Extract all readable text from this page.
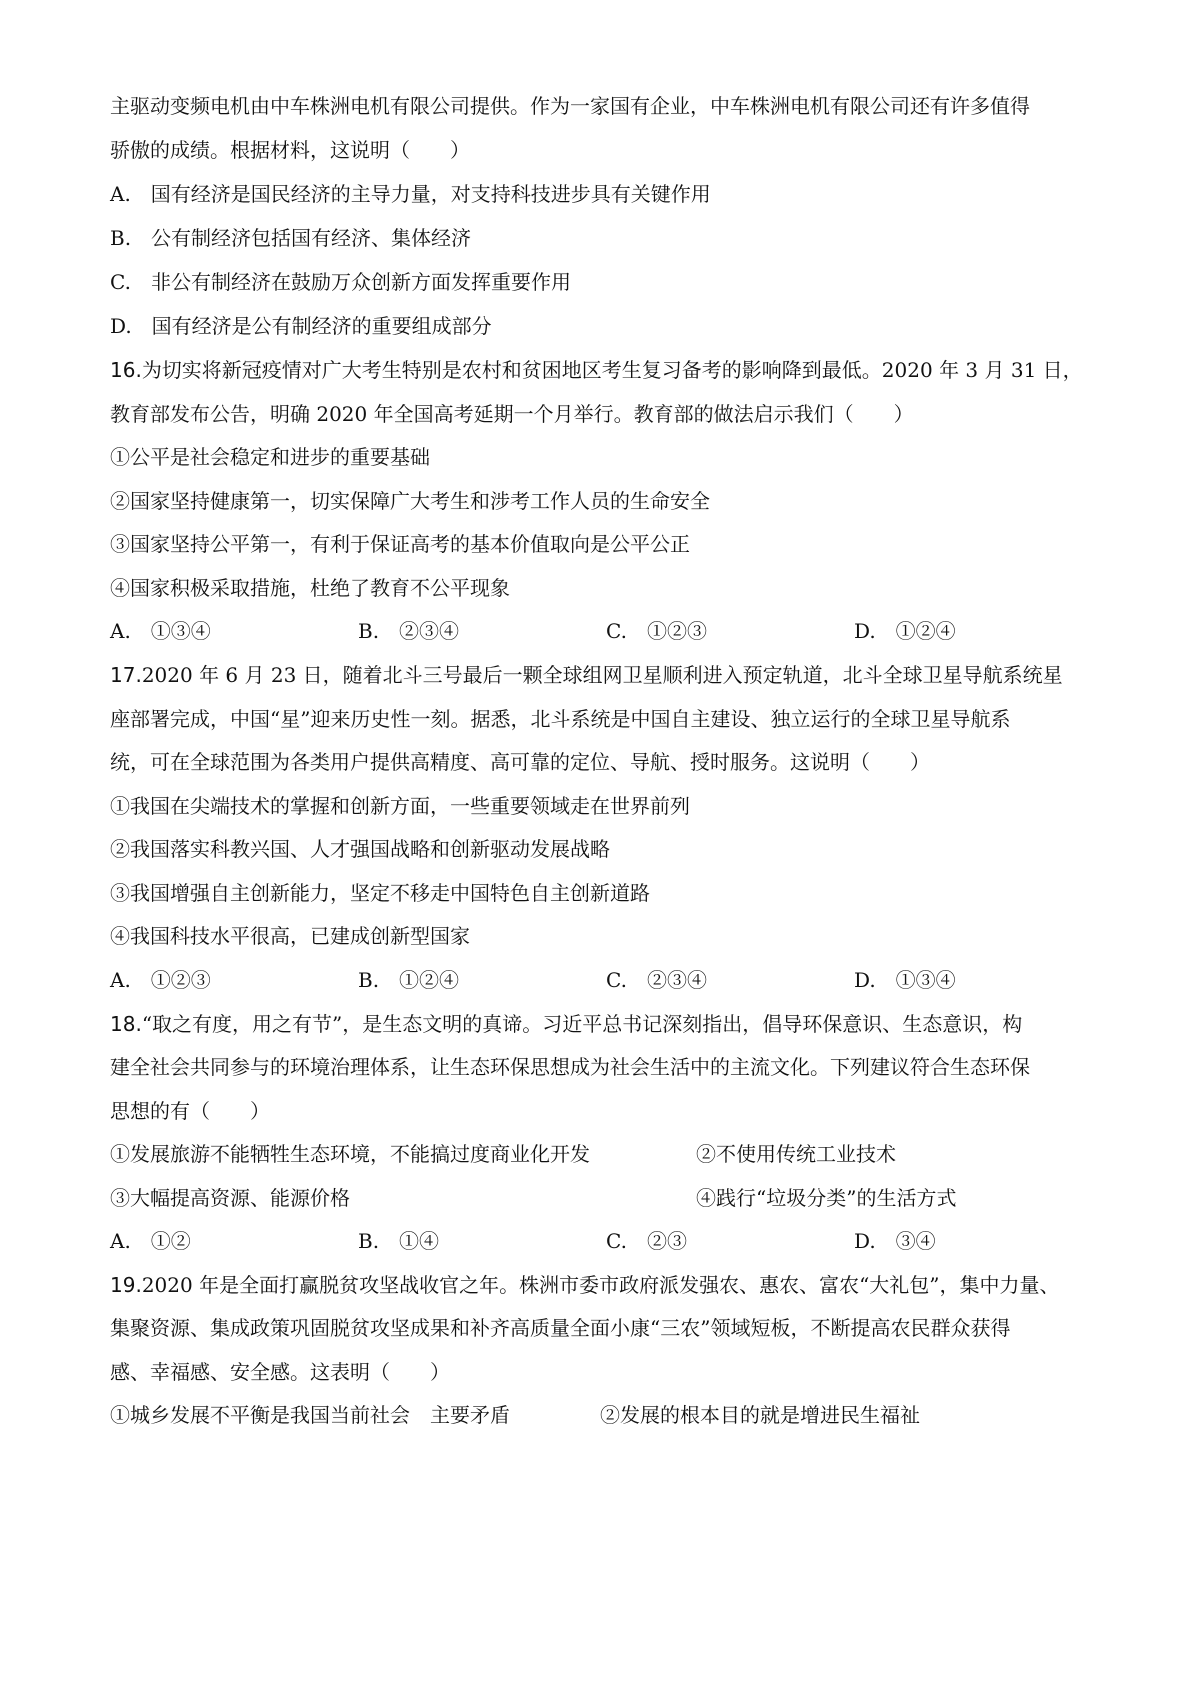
主驱动变频电机由中车株洲电机有限公司提供。作为一家国有企业，中车株洲电机有限公司还有许多值得
骄傲的成绩。根据材料，这说明（　　）
A.　国有经济是国民经济的主导力量，对支持科技进步具有关键作用
B.　公有制经济包括国有经济、集体经济
C.　非公有制经济在鼓励万众创新方面发挥重要作用
D.　国有经济是公有制经济的重要组成部分
16.为切实将新冠疫情对广大考生特别是农村和贫困地区考生复习备考的影响降到最低。2020 年 3 月 31 日，
教育部发布公告，明确 2020 年全国高考延期一个月举行。教育部的做法启示我们（　　）
①公平是社会稳定和进步的重要基础
②国家坚持健康第一，切实保障广大考生和涉考工作人员的生命安全
③国家坚持公平第一，有利于保证高考的基本价值取向是公平公正
④国家积极采取措施，杜绝了教育不公平现象
A.　①③④	B.　②③④	C.　①②③	D.　①②④
17.2020 年 6 月 23 日，随着北斗三号最后一颗全球组网卫星顺利进入预定轨道，北斗全球卫星导航系统星
座部署完成，中国“星”迎来历史性一刻。据悉，北斗系统是中国自主建设、独立运行的全球卫星导航系
统，可在全球范围为各类用户提供高精度、高可靠的定位、导航、授时服务。这说明（　　）
①我国在尖端技术的掌握和创新方面，一些重要领域走在世界前列
②我国落实科教兴国、人才强国战略和创新驱动发展战略
③我国增强自主创新能力，坚定不移走中国特色自主创新道路
④我国科技水平很高，已建成创新型国家
A.　①②③	B.　①②④	C.　②③④	D.　①③④
18.“取之有度，用之有节”，是生态文明的真谛。习近平总书记深刻指出，倡导环保意识、生态意识，构
建全社会共同参与的环境治理体系，让生态环保思想成为社会生活中的主流文化。下列建议符合生态环保
思想的有（　　）
①发展旅游不能牺牲生态环境，不能搞过度商业化开发	②不使用传统工业技术
③大幅提高资源、能源价格	④践行“垃圾分类”的生活方式
A.　①②	B.　①④	C.　②③	D.　③④
19.2020 年是全面打赢脱贫攻坚战收官之年。株洲市委市政府派发强农、惠农、富农“大礼包”，集中力量、
集聚资源、集成政策巩固脱贫攻坚成果和补齐高质量全面小康“三农”领域短板，不断提高农民群众获得
感、幸福感、安全感。这表明（　　）
①城乡发展不平衡是我国当前社会　主要矛盾	②发展的根本目的就是增进民生福祉
